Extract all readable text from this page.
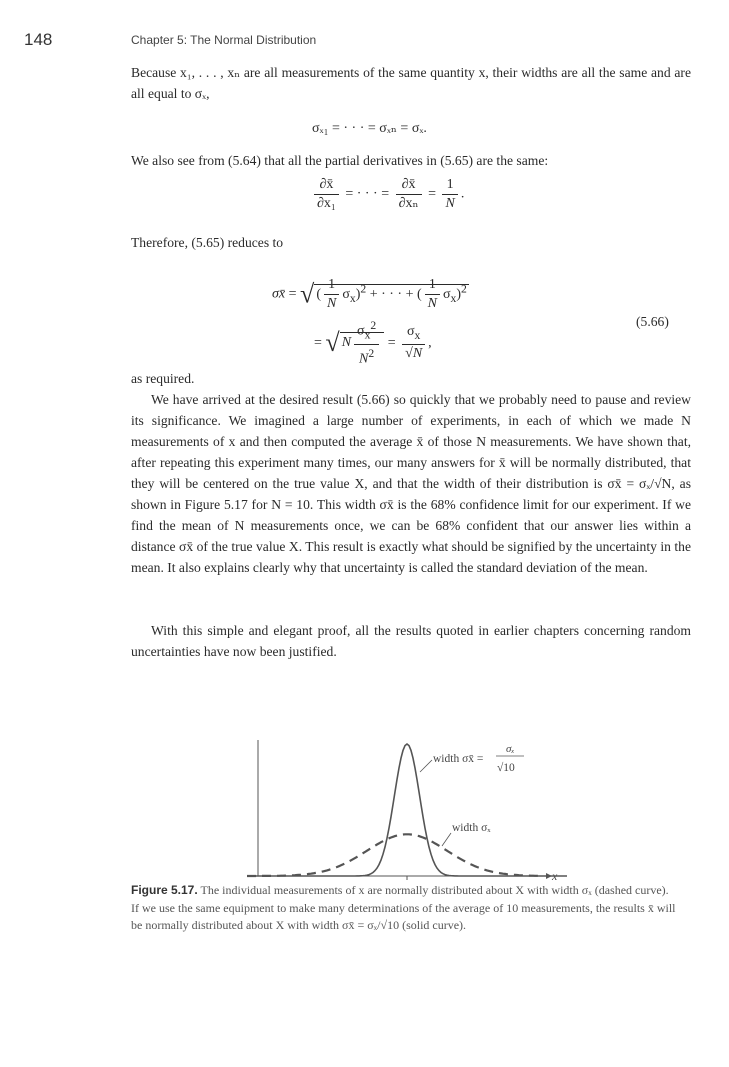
148	Chapter 5: The Normal Distribution

Because x₁, . . . , xₙ are all measurements of the same quantity x, their widths are all the same and are all equal to σₓ,

σₓ₁ = · · · = σₓₙ = σₓ.

We also see from (5.64) that all the partial derivatives in (5.65) are the same:

$\frac{\partial x̄}{\text{∂x₁}}$ = · · · = $\frac{\partial x̄}{\text{∂xₙ}} = \frac{1}{N}$ .

Therefore, (5.65) reduces to

σx̄ = √ ( $\frac{1}{N} \sigma_x)^2$ + · · · + ( $\frac{1}{N} \sigma_x)^2$
= √ N $\frac{\sigma_x^2}{N^2} = \frac{\sigma_x}{√N}$ ,
(5.66)

as required.

We have arrived at the desired result (5.66) so quickly that we probably need to pause and review its significance. We imagined a large number of experiments, in each of which we made N measurements of x and then computed the average x̄ of those N measurements. We have shown that, after repeating this experiment many times, our many answers for x̄ will be normally distributed, that they will be centered on the true value X, and that the width of their distribution is σx̄ = σₓ/√N, as shown in Figure 5.17 for N = 10. This width σx̄ is the 68% confidence limit for our experiment. If we find the mean of N measurements once, we can be 68% confident that our answer lies within a distance σx̄ of the true value X. This result is exactly what should be signified by the uncertainty in the mean. It also explains clearly why that uncertainty is called the standard deviation of the mean.

With this simple and elegant proof, all the results quoted in earlier chapters concerning random uncertainties have now been justified.

x
width σx̄ =
σₓ
√10
width σₓ
Figure 5.17. The individual measurements of x are normally distributed about X with width σₓ (dashed curve). If we use the same equipment to make many determinations of the average of 10 measurements, the results x̄ will be normally distributed about X with width σx̄ = σₓ/√10 (solid curve).
